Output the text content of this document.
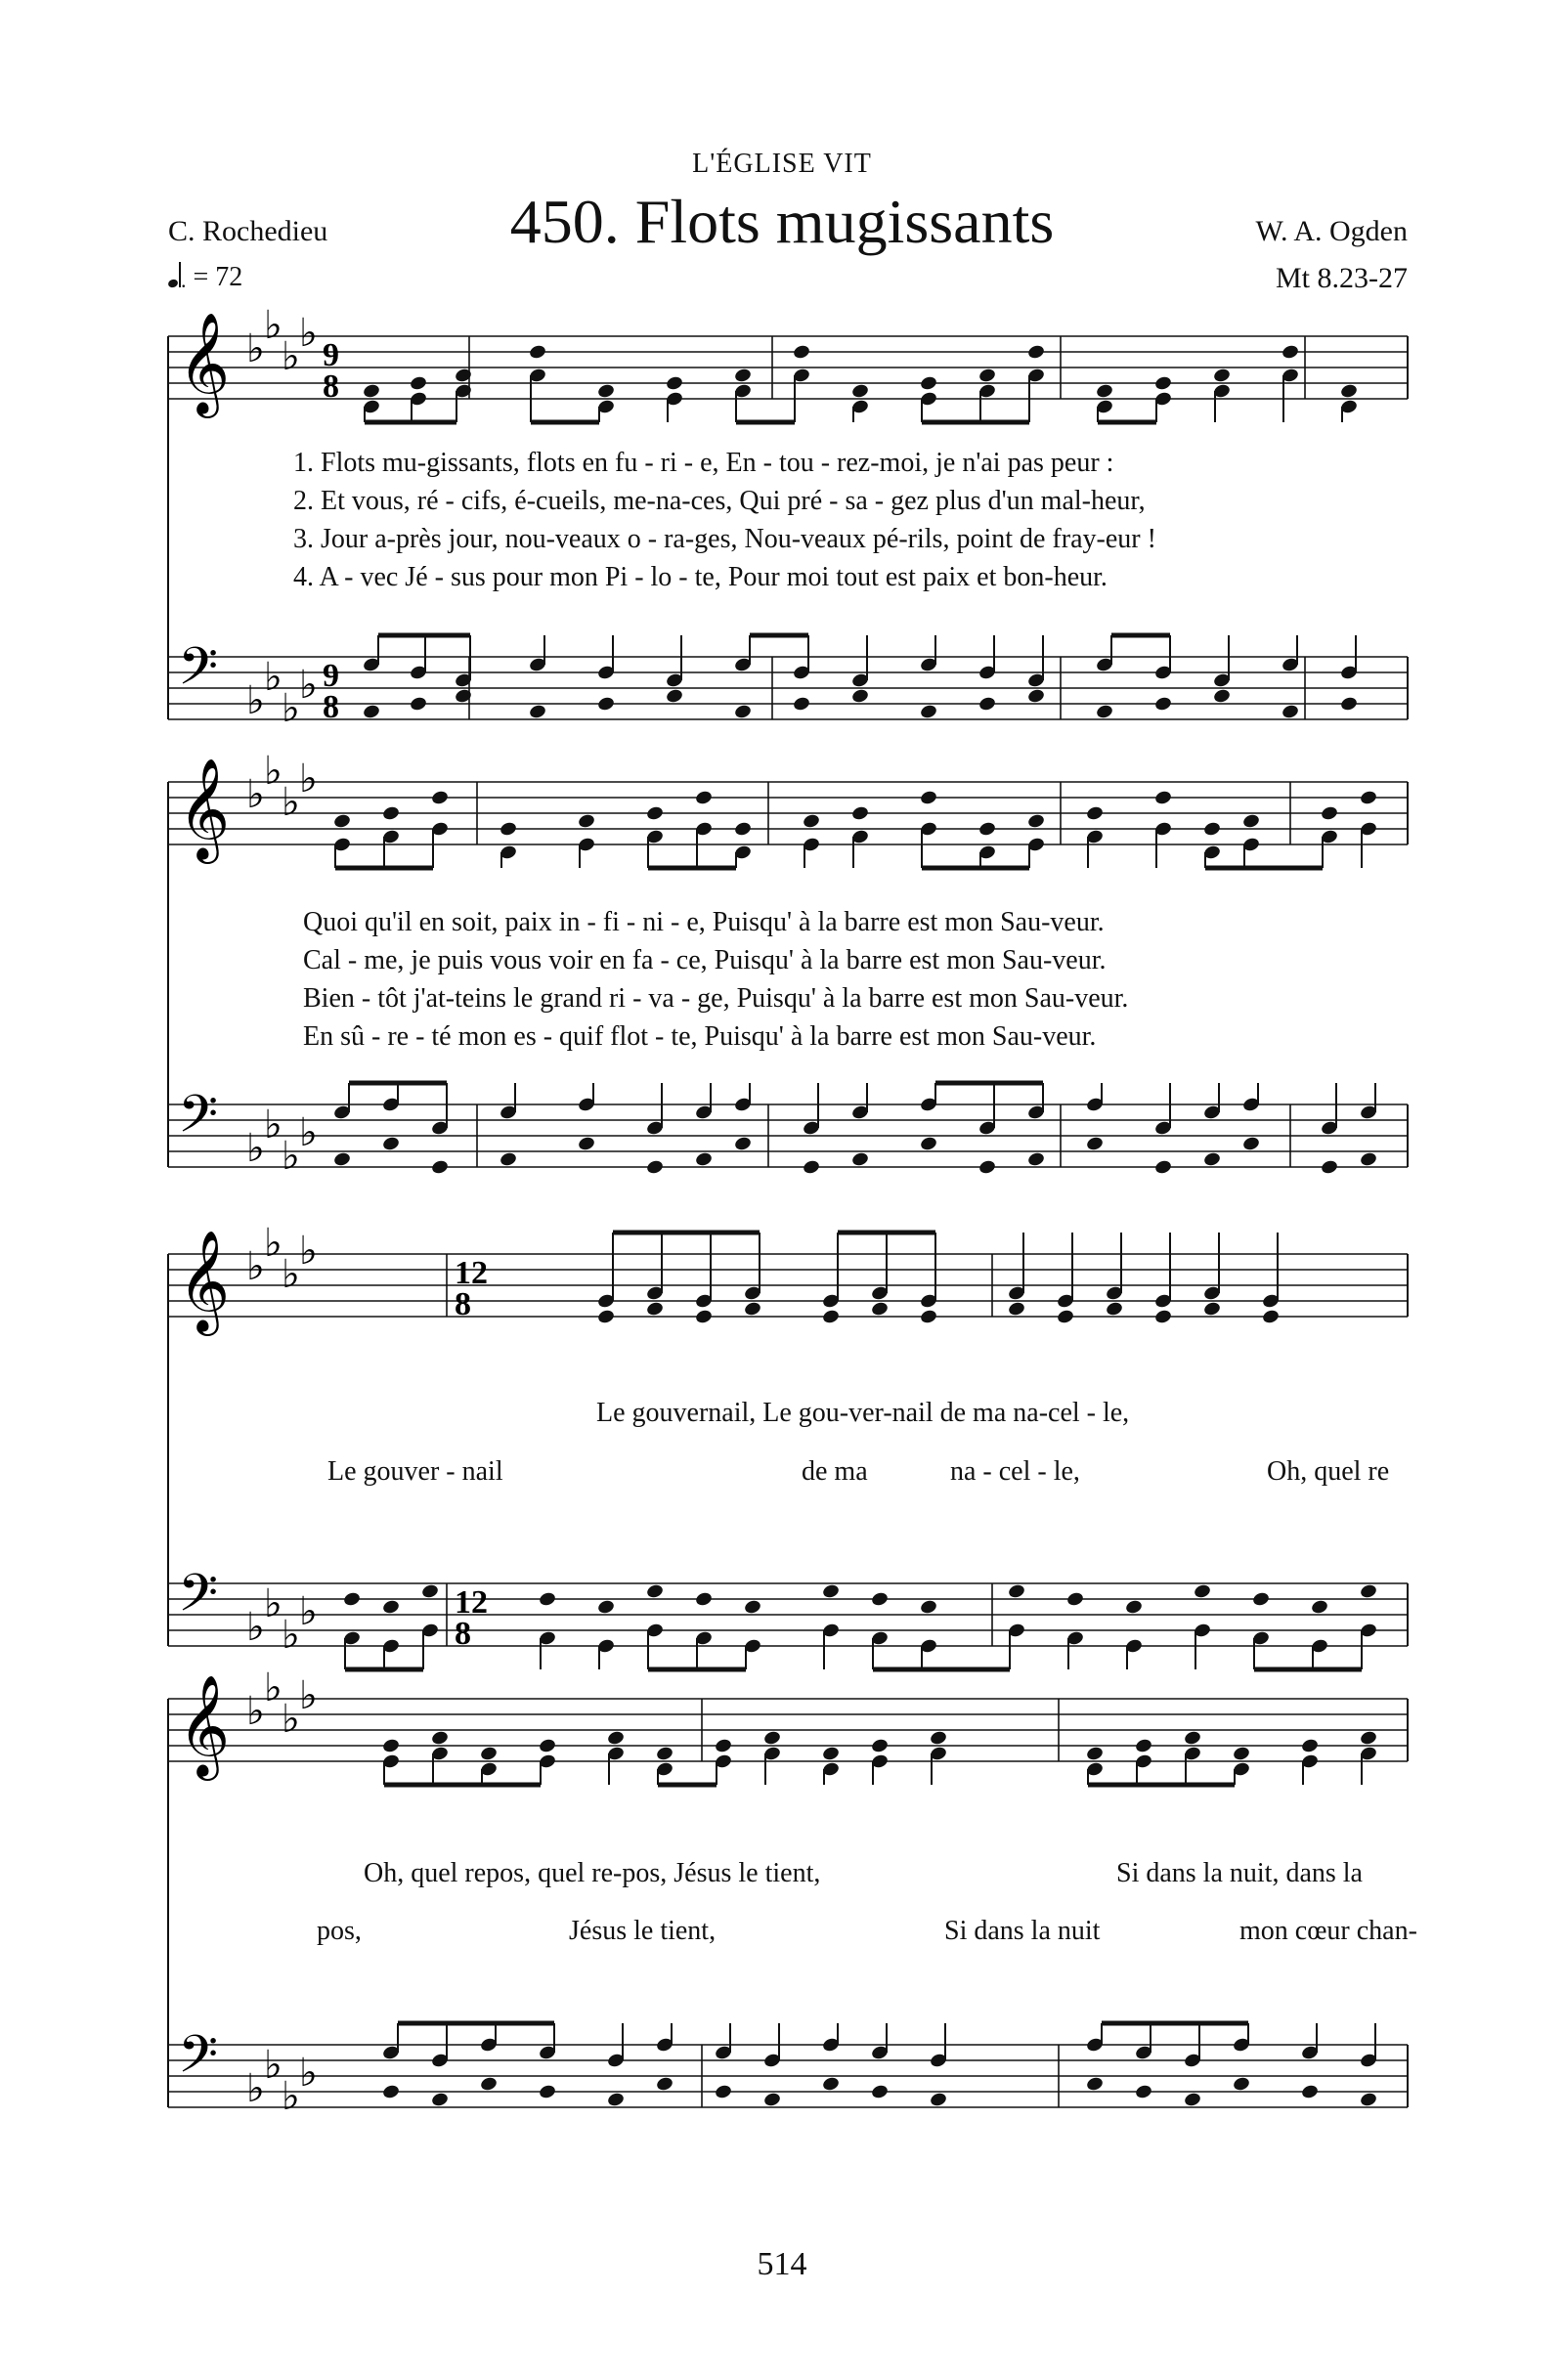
L'ÉGLISE VIT
450. Flots mugissants
C. Rochedieu	W. A. Ogden
Mt 8.23-27
. = 72
𝄞 ♭
♭
♭
♭ 9
8
𝄢 ♭
♭
♭
♭ 9
8
𝄞 ♭
♭
♭
♭
𝄢 ♭
♭
♭
♭
𝄞 ♭
♭
♭
♭	12
8
𝄢 ♭
♭
♭
♭	12
8
𝄞 ♭
♭
♭
♭
𝄢 ♭
♭
♭
♭
1. Flots mu-gissants, flots en fu - ri - e, En - tou - rez-moi, je n'ai pas peur :
2. Et vous, ré - cifs, é-cueils, me-na-ces, Qui pré - sa - gez plus d'un mal-heur,
3. Jour a-près jour, nou-veaux o - ra-ges, Nou-veaux pé-rils, point de fray-eur !
4. A - vec Jé - sus pour mon Pi - lo - te, Pour moi tout est paix et bon-heur.
Quoi qu'il en soit, paix in - fi - ni - e, Puisqu' à la barre est mon Sau-veur.
Cal - me, je puis vous voir en fa - ce, Puisqu' à la barre est mon Sau-veur.
Bien - tôt j'at-teins le grand ri - va - ge, Puisqu' à la barre est mon Sau-veur.
En sû - re - té mon es - quif flot - te, Puisqu' à la barre est mon Sau-veur.
Le gouvernail, Le gou-ver-nail de ma na-cel - le,
Le gouver - nail	de ma	na - cel - le,	Oh, quel re
Oh, quel repos, quel re-pos, Jésus le tient,	Si dans la nuit, dans la
pos,	Jésus le tient,	Si dans la nuit	mon cœur chan-
514
